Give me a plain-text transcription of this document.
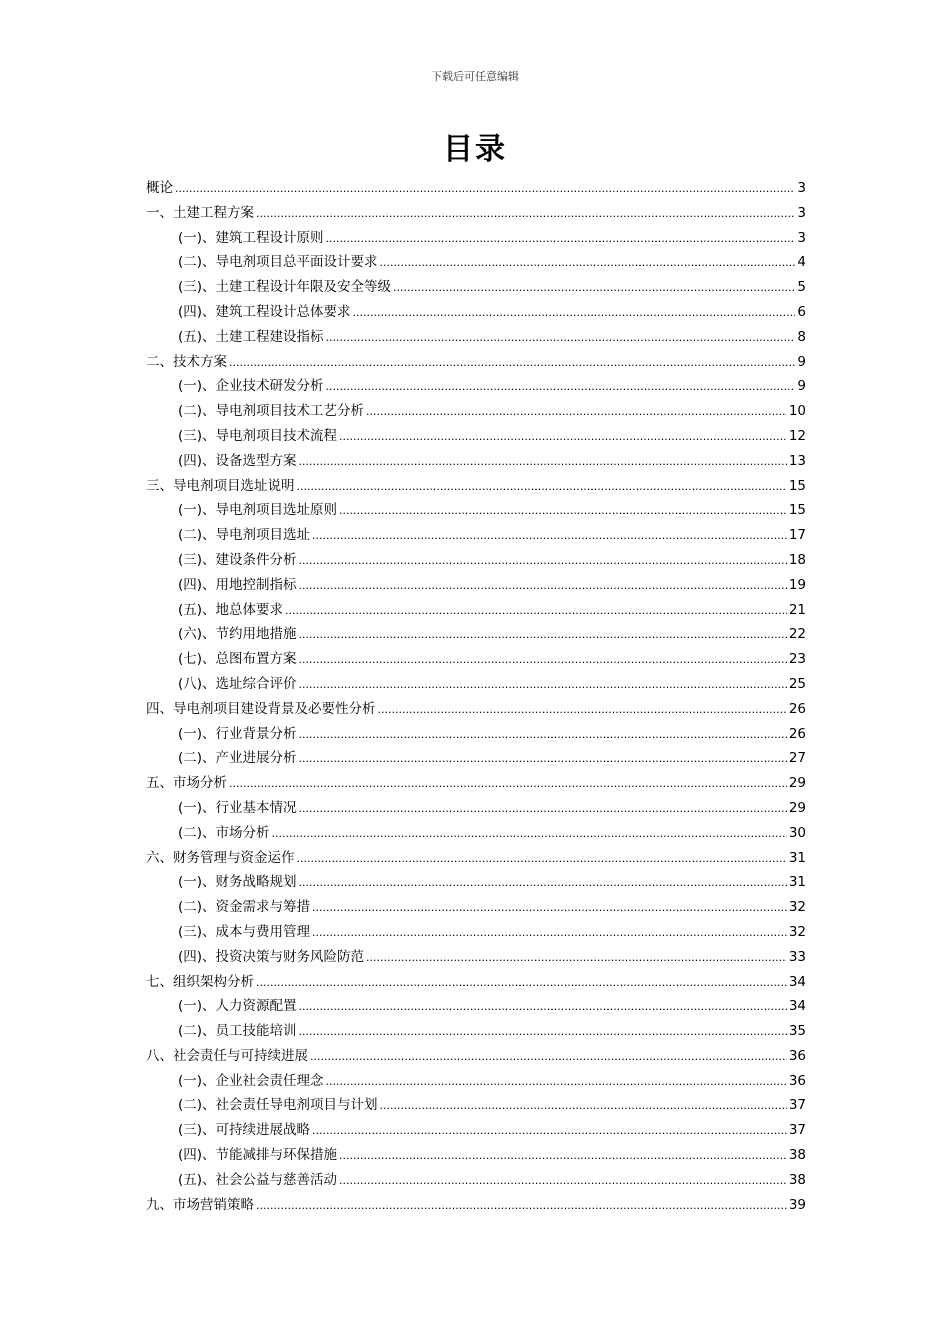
下载后可任意编辑
目录
概论 .....	3
一、土建工程方案 .....	3
(一)、建筑工程设计原则 .....	3
(二)、导电剂项目总平面设计要求 .....	4
(三)、土建工程设计年限及安全等级 .....	5
(四)、建筑工程设计总体要求 .....	6
(五)、土建工程建设指标 .....	8
二、技术方案 .....	9
(一)、企业技术研发分析 .....	9
(二)、导电剂项目技术工艺分析 .....	10
(三)、导电剂项目技术流程 .....	12
(四)、设备选型方案 .....	13
三、导电剂项目选址说明 .....	15
(一)、导电剂项目选址原则 .....	15
(二)、导电剂项目选址 .....	17
(三)、建设条件分析 .....	18
(四)、用地控制指标 .....	19
(五)、地总体要求 .....	21
(六)、节约用地措施 .....	22
(七)、总图布置方案 .....	23
(八)、选址综合评价 .....	25
四、导电剂项目建设背景及必要性分析 .....	26
(一)、行业背景分析 .....	26
(二)、产业进展分析 .....	27
五、市场分析 .....	29
(一)、行业基本情况 .....	29
(二)、市场分析 .....	30
六、财务管理与资金运作 .....	31
(一)、财务战略规划 .....	31
(二)、资金需求与筹措 .....	32
(三)、成本与费用管理 .....	32
(四)、投资决策与财务风险防范 .....	33
七、组织架构分析 .....	34
(一)、人力资源配置 .....	34
(二)、员工技能培训 .....	35
八、社会责任与可持续进展 .....	36
(一)、企业社会责任理念 .....	36
(二)、社会责任导电剂项目与计划 .....	37
(三)、可持续进展战略 .....	37
(四)、节能减排与环保措施 .....	38
(五)、社会公益与慈善活动 .....	38
九、市场营销策略 .....	39
